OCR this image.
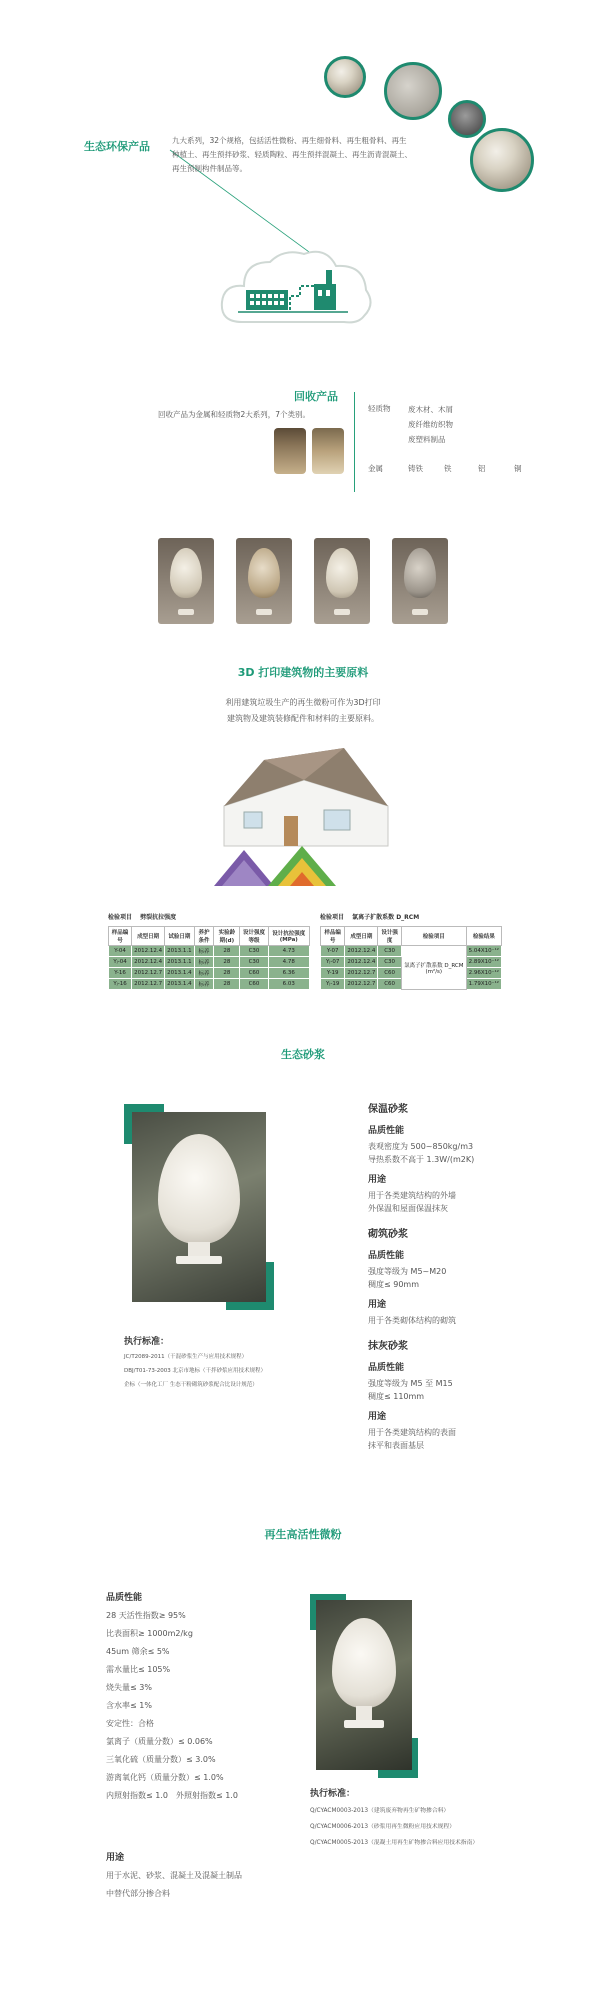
生态环保产品	九大系列，32个规格，包括活性微粉、再生细骨料、再生粗骨料、再生种植土、再生预拌砂浆、轻质陶粒、再生预拌混凝土、再生沥青混凝土、再生预制构件制品等。
回收产品
回收产品为金属和轻质物2大系列，7个类别。
轻质物 废木材、木屑
废纤维纺织物
废塑料制品
金属	铸铁	铁	铝	铜
3D 打印建筑物的主要原料
利用建筑垃圾生产的再生微粉可作为3D打印
建筑物及建筑装修配件和材料的主要原料。
检验项目 劈裂抗拉强度
样品编号	成型日期	试验日期	养护条件	实验龄期(d)	设计强度等级	设计抗拉强度(MPa)
Y-04	2012.12.4	2013.1.1	标养	28	C30	4.73
Yⱼ-04	2012.12.4	2013.1.1	标养	28	C30	4.78
Y-16	2012.12.7	2013.1.4	标养	28	C60	6.36
Yⱼ-16	2012.12.7	2013.1.4	标养	28	C60	6.03
检验项目 氯离子扩散系数 D_RCM
样品编号	成型日期	设计强度	检验项目	检验结果
Y-07	2012.12.4	C30	氯离子扩散系数 D_RCM (m²/s)	5.04X10⁻¹²
Yⱼ-07	2012.12.4	C30		2.89X10⁻¹²
Y-19	2012.12.7	C60		2.96X10⁻¹²
Yⱼ-19	2012.12.7	C60		1.79X10⁻¹²
生态砂浆
执行标准：
JC/T2089-2011（干混砂浆生产与应用技术规程）
DBJ/T01-73-2003 北京市地标（干拌砂浆应用技术规程）
企标（一体化工厂 生态干粉砌筑砂浆配合比设计规范）
保温砂浆
品质性能
表观密度为 500~850kg/m3
导热系数不高于 1.3W/(m2K)
用途
用于各类建筑结构的外墙
外保温和屋面保温抹灰
砌筑砂浆
品质性能
强度等级为 M5~M20
稠度≤ 90mm
用途
用于各类砌体结构的砌筑
抹灰砂浆
品质性能
强度等级为 M5 至 M15
稠度≤ 110mm
用途
用于各类建筑结构的表面
抹平和表面基层
再生高活性微粉
品质性能
28 天活性指数≥ 95%
比表面积≥ 1000m2/kg
45um 筛余≤ 5%
需水量比≤ 105%
烧失量≤ 3%
含水率≤ 1%
安定性：合格
氯离子（质量分数）≤ 0.06%
三氧化硫（质量分数）≤ 3.0%
游离氧化钙（质量分数）≤ 1.0%
内照射指数≤ 1.0　外照射指数≤ 1.0
用途
用于水泥、砂浆、混凝土及混凝土制品
中替代部分掺合料
执行标准：
Q/CYACM0003-2013（建筑废弃物再生矿物掺合料）
Q/CYACM0006-2013（砂浆用再生微粉应用技术规程）
Q/CYACM0005-2013（混凝土用再生矿物掺合料应用技术指南）
